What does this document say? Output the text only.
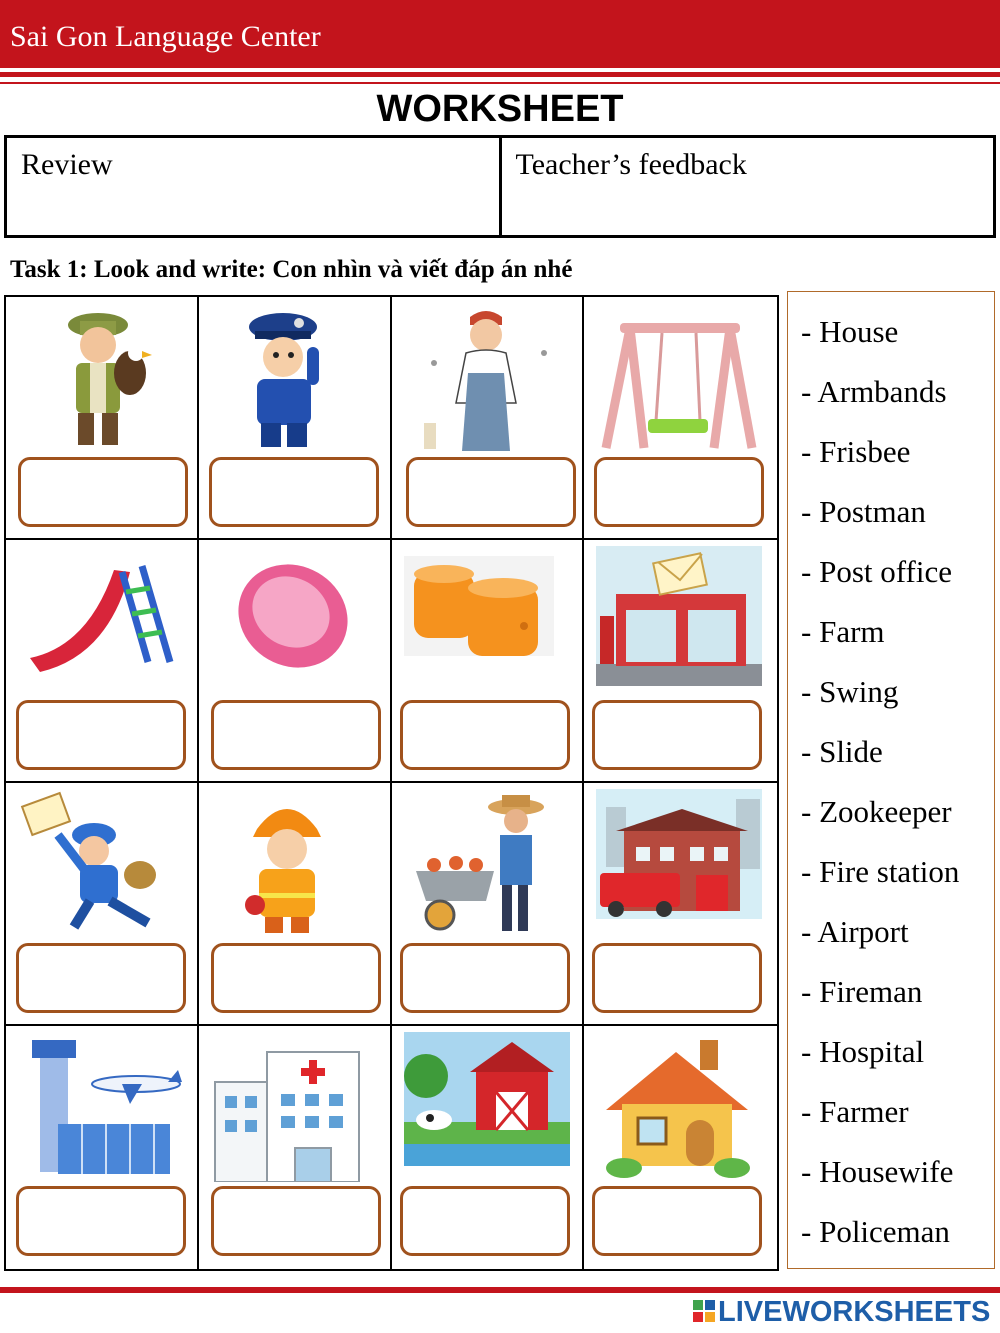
Sai Gon Language Center
WORKSHEET
Review	Teacher’s feedback
Task 1: Look and write: Con nhìn và viết đáp án nhé
- House
- Armbands
- Frisbee
- Postman
- Post office
- Farm
- Swing
- Slide
- Zookeeper
- Fire station
- Airport
- Fireman
- Hospital
- Farmer
- Housewife
- Policeman
LIVEWORKSHEETS
